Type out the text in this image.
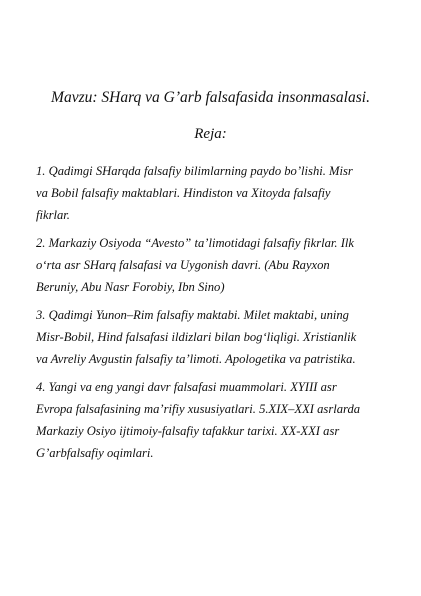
Mavzu: SHarq va G’arb falsafasida insonmasalasi.
Reja:

1. Qadimgi SHarqda falsafiy bilimlarning paydo bo’lishi. Misr
va Bobil falsafiy maktablari. Hindiston va Xitoyda falsafiy
fikrlar.

2. Markaziy Osiyoda “Avesto” ta’limotidagi falsafiy fikrlar. Ilk
o‘rta asr SHarq falsafasi va Uygonish davri. (Abu Rayxon
Beruniy, Abu Nasr Forobiy, Ibn Sino)

3. Qadimgi Yunon–Rim falsafiy maktabi. Milet maktabi, uning
Misr-Bobil, Hind falsafasi ildizlari bilan bog‘liqligi. Xristianlik
va Avreliy Avgustin falsafiy ta’limoti. Apologetika va patristika.

4. Yangi va eng yangi davr falsafasi muammolari. XYIII asr
Evropa falsafasining ma’rifiy xususiyatlari. 5.XIX–XXI asrlarda
Markaziy Osiyo ijtimoiy-falsafiy tafakkur tarixi. XX-XXI asr
G’arbfalsafiy oqimlari.
